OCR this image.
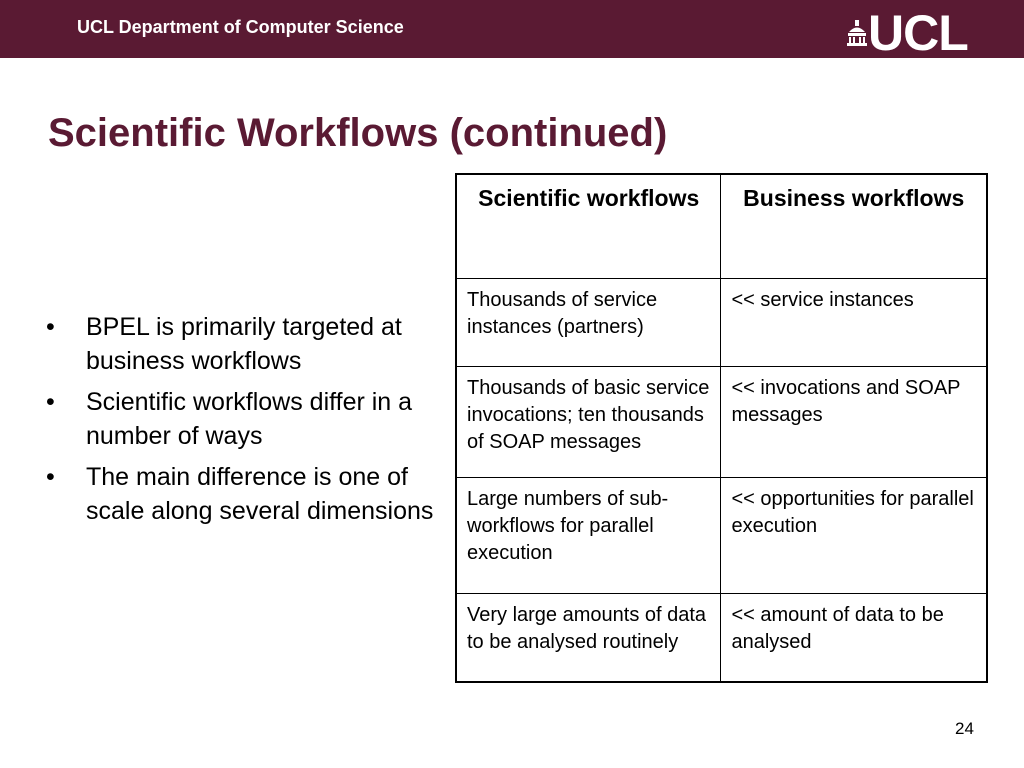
UCL Department of Computer Science	UCL
Scientific Workflows (continued)
• BPEL is primarily targeted at business workflows
• Scientific workflows differ in a number of ways
• The main difference is one of scale along several dimensions
Scientific workflows	Business workflows
Thousands of service instances (partners)	<< service instances
Thousands of basic service invocations; ten thousands of SOAP messages	<< invocations and SOAP messages
Large numbers of sub-workflows for parallel execution	<< opportunities for parallel execution
Very large amounts of data to be analysed routinely	<< amount of data to be analysed
24
